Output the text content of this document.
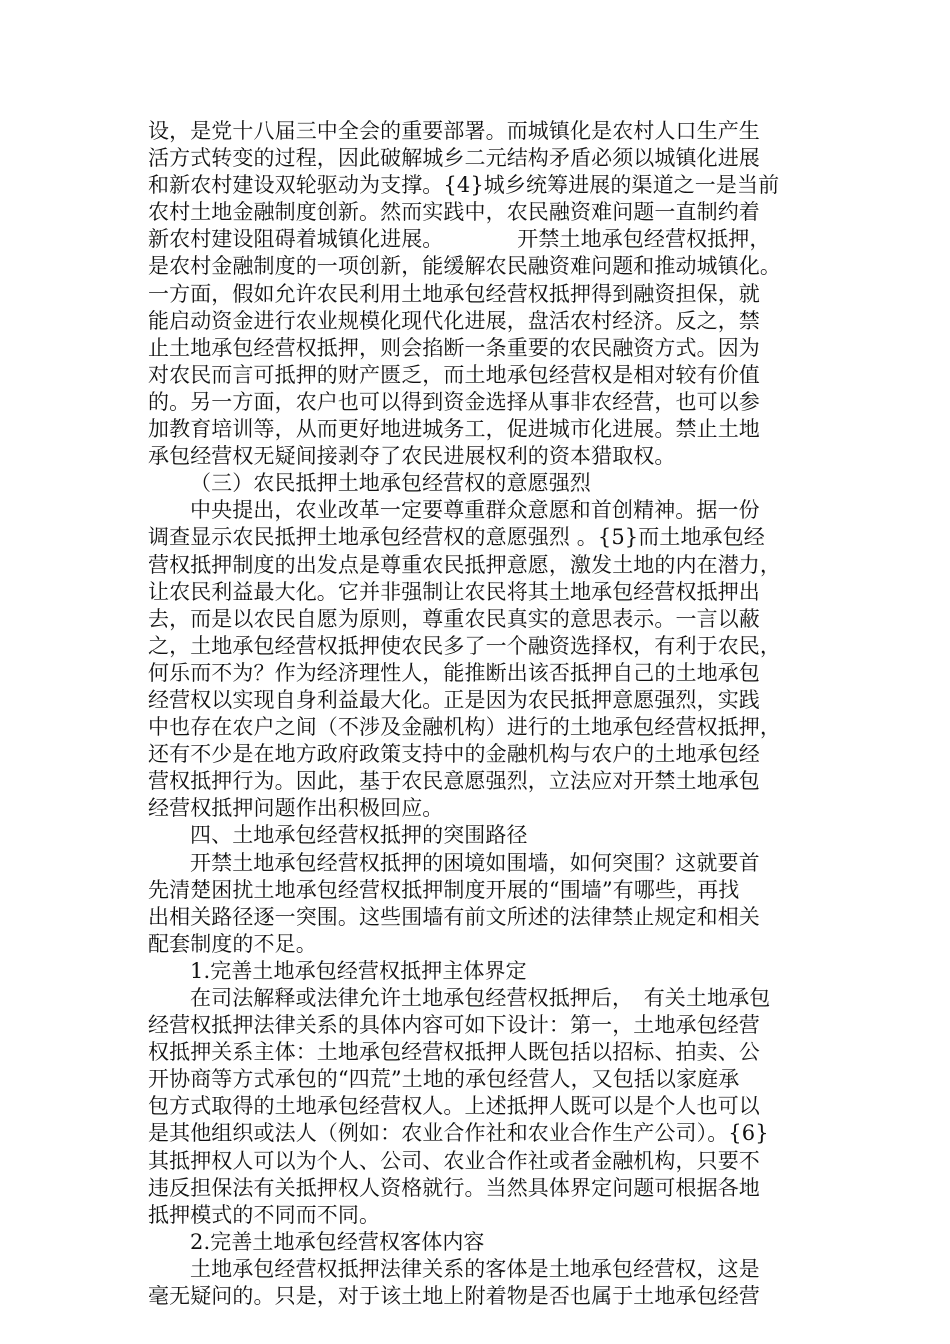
设，是党十八届三中全会的重要部署。而城镇化是农村人口生产生
活方式转变的过程，因此破解城乡二元结构矛盾必须以城镇化进展
和新农村建设双轮驱动为支撑。{4}城乡统筹进展的渠道之一是当前
农村土地金融制度创新。然而实践中，农民融资难问题一直制约着
新农村建设阻碍着城镇化进展。　　　　开禁土地承包经营权抵押，
是农村金融制度的一项创新，能缓解农民融资难问题和推动城镇化。
一方面，假如允许农民利用土地承包经营权抵押得到融资担保，就
能启动资金进行农业规模化现代化进展，盘活农村经济。反之，禁
止土地承包经营权抵押，则会掐断一条重要的农民融资方式。因为
对农民而言可抵押的财产匮乏，而土地承包经营权是相对较有价值
的。另一方面，农户也可以得到资金选择从事非农经营，也可以参
加教育培训等，从而更好地进城务工，促进城市化进展。禁止土地
承包经营权无疑间接剥夺了农民进展权利的资本猎取权。
（三）农民抵押土地承包经营权的意愿强烈
中央提出，农业改革一定要尊重群众意愿和首创精神。据一份
调查显示农民抵押土地承包经营权的意愿强烈 。{5}而土地承包经
营权抵押制度的出发点是尊重农民抵押意愿，激发土地的内在潜力，
让农民利益最大化。它并非强制让农民将其土地承包经营权抵押出
去，而是以农民自愿为原则，尊重农民真实的意思表示。一言以蔽
之，土地承包经营权抵押使农民多了一个融资选择权，有利于农民，
何乐而不为？作为经济理性人，能推断出该否抵押自己的土地承包
经营权以实现自身利益最大化。正是因为农民抵押意愿强烈，实践
中也存在农户之间（不涉及金融机构）进行的土地承包经营权抵押，
还有不少是在地方政府政策支持中的金融机构与农户的土地承包经
营权抵押行为。因此，基于农民意愿强烈，立法应对开禁土地承包
经营权抵押问题作出积极回应。
四、土地承包经营权抵押的突围路径
开禁土地承包经营权抵押的困境如围墙，如何突围？这就要首
先清楚困扰土地承包经营权抵押制度开展的“围墙”有哪些，再找
出相关路径逐一突围。这些围墙有前文所述的法律禁止规定和相关
配套制度的不足。
1.完善土地承包经营权抵押主体界定
在司法解释或法律允许土地承包经营权抵押后，　有关土地承包
经营权抵押法律关系的具体内容可如下设计：第一，土地承包经营
权抵押关系主体：土地承包经营权抵押人既包括以招标、拍卖、公
开协商等方式承包的“四荒”土地的承包经营人，又包括以家庭承
包方式取得的土地承包经营权人。上述抵押人既可以是个人也可以
是其他组织或法人（例如：农业合作社和农业合作生产公司）。{6}
其抵押权人可以为个人、公司、农业合作社或者金融机构，只要不
违反担保法有关抵押权人资格就行。当然具体界定问题可根据各地
抵押模式的不同而不同。
2.完善土地承包经营权客体内容
土地承包经营权抵押法律关系的客体是土地承包经营权，这是
毫无疑问的。只是，对于该土地上附着物是否也属于土地承包经营
